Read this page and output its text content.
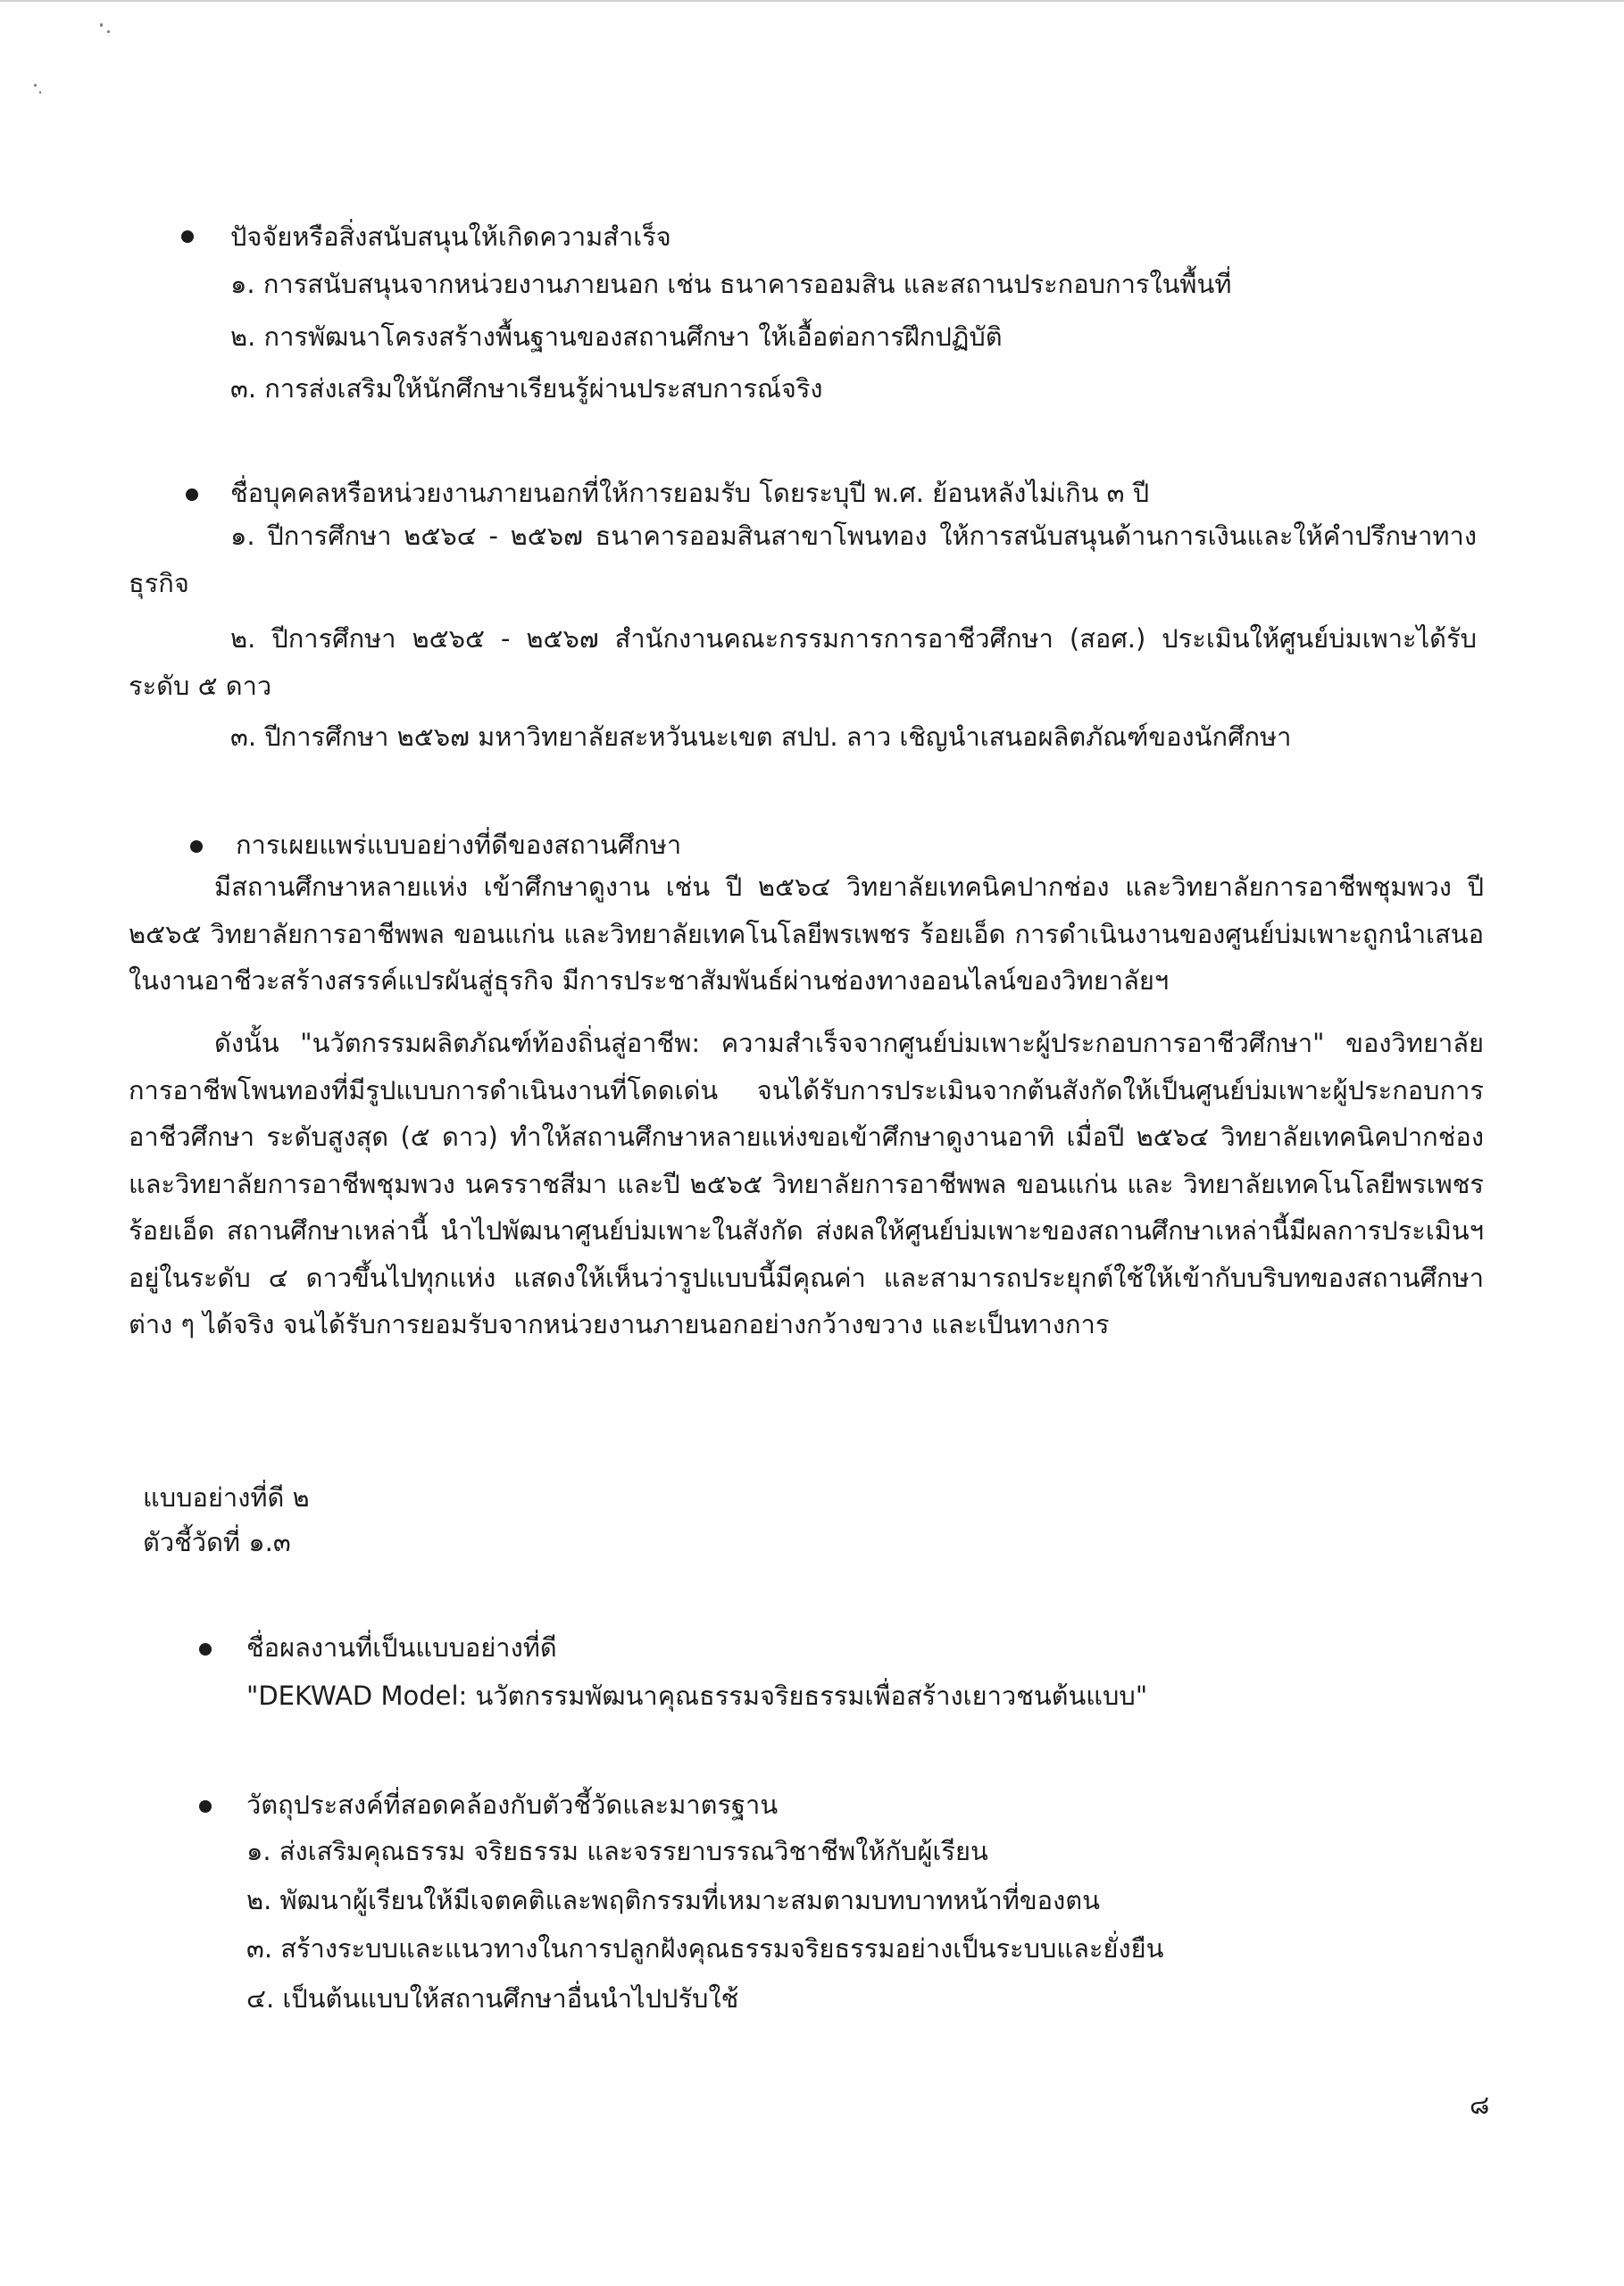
ปัจจัยหรือสิ่งสนับสนุนให้เกิดความสำเร็จ
๑. การสนับสนุนจากหน่วยงานภายนอก เช่น ธนาคารออมสิน และสถานประกอบการในพื้นที่
๒. การพัฒนาโครงสร้างพื้นฐานของสถานศึกษา ให้เอื้อต่อการฝึกปฏิบัติ
๓. การส่งเสริมให้นักศึกษาเรียนรู้ผ่านประสบการณ์จริง
ชื่อบุคคลหรือหน่วยงานภายนอกที่ให้การยอมรับ โดยระบุปี พ.ศ. ย้อนหลังไม่เกิน ๓ ปี
๑. ปีการศึกษา ๒๕๖๔ - ๒๕๖๗ ธนาคารออมสินสาขาโพนทอง ให้การสนับสนุนด้านการเงินและให้คำปรึกษาทางธุรกิจ
๒. ปีการศึกษา ๒๕๖๕ - ๒๕๖๗ สำนักงานคณะกรรมการการอาชีวศึกษา (สอศ.) ประเมินให้ศูนย์บ่มเพาะได้รับระดับ ๕ ดาว
๓. ปีการศึกษา ๒๕๖๗ มหาวิทยาลัยสะหวันนะเขต สปป. ลาว เชิญนำเสนอผลิตภัณฑ์ของนักศึกษา
การเผยแพร่แบบอย่างที่ดีของสถานศึกษา
มีสถานศึกษาหลายแห่ง เข้าศึกษาดูงาน เช่น ปี ๒๕๖๔ วิทยาลัยเทคนิคปากช่อง และวิทยาลัยการอาชีพชุมพวง ปี ๒๕๖๕ วิทยาลัยการอาชีพพล ขอนแก่น และวิทยาลัยเทคโนโลยีพรเพชร ร้อยเอ็ด การดำเนินงานของศูนย์บ่มเพาะถูกนำเสนอในงานอาชีวะสร้างสรรค์แปรผันสู่ธุรกิจ มีการประชาสัมพันธ์ผ่านช่องทางออนไลน์ของวิทยาลัยฯ
ดังนั้น "นวัตกรรมผลิตภัณฑ์ท้องถิ่นสู่อาชีพ: ความสำเร็จจากศูนย์บ่มเพาะผู้ประกอบการอาชีวศึกษา" ของวิทยาลัยการอาชีพโพนทองที่มีรูปแบบการดำเนินงานที่โดดเด่น จนได้รับการประเมินจากต้นสังกัดให้เป็นศูนย์บ่มเพาะผู้ประกอบการอาชีวศึกษา ระดับสูงสุด (๕ ดาว) ทำให้สถานศึกษาหลายแห่งขอเข้าศึกษาดูงานอาทิ เมื่อปี ๒๕๖๔ วิทยาลัยเทคนิคปากช่อง และวิทยาลัยการอาชีพชุมพวง นครราชสีมา และปี ๒๕๖๕ วิทยาลัยการอาชีพพล ขอนแก่น และ วิทยาลัยเทคโนโลยีพรเพชร ร้อยเอ็ด สถานศึกษาเหล่านี้ นำไปพัฒนาศูนย์บ่มเพาะในสังกัด ส่งผลให้ศูนย์บ่มเพาะของสถานศึกษาเหล่านี้มีผลการประเมินฯ อยู่ในระดับ ๔ ดาวขึ้นไปทุกแห่ง แสดงให้เห็นว่ารูปแบบนี้มีคุณค่า และสามารถประยุกต์ใช้ให้เข้ากับบริบทของสถานศึกษาต่าง ๆ ได้จริง จนได้รับการยอมรับจากหน่วยงานภายนอกอย่างกว้างขวาง และเป็นทางการ
แบบอย่างที่ดี ๒
ตัวชี้วัดที่ ๑.๓
ชื่อผลงานที่เป็นแบบอย่างที่ดี
"DEKWAD Model: นวัตกรรมพัฒนาคุณธรรมจริยธรรมเพื่อสร้างเยาวชนต้นแบบ"
วัตถุประสงค์ที่สอดคล้องกับตัวชี้วัดและมาตรฐาน
๑. ส่งเสริมคุณธรรม จริยธรรม และจรรยาบรรณวิชาชีพให้กับผู้เรียน
๒. พัฒนาผู้เรียนให้มีเจตคติและพฤติกรรมที่เหมาะสมตามบทบาทหน้าที่ของตน
๓. สร้างระบบและแนวทางในการปลูกฝังคุณธรรมจริยธรรมอย่างเป็นระบบและยั่งยืน
๔. เป็นต้นแบบให้สถานศึกษาอื่นนำไปปรับใช้
๘
